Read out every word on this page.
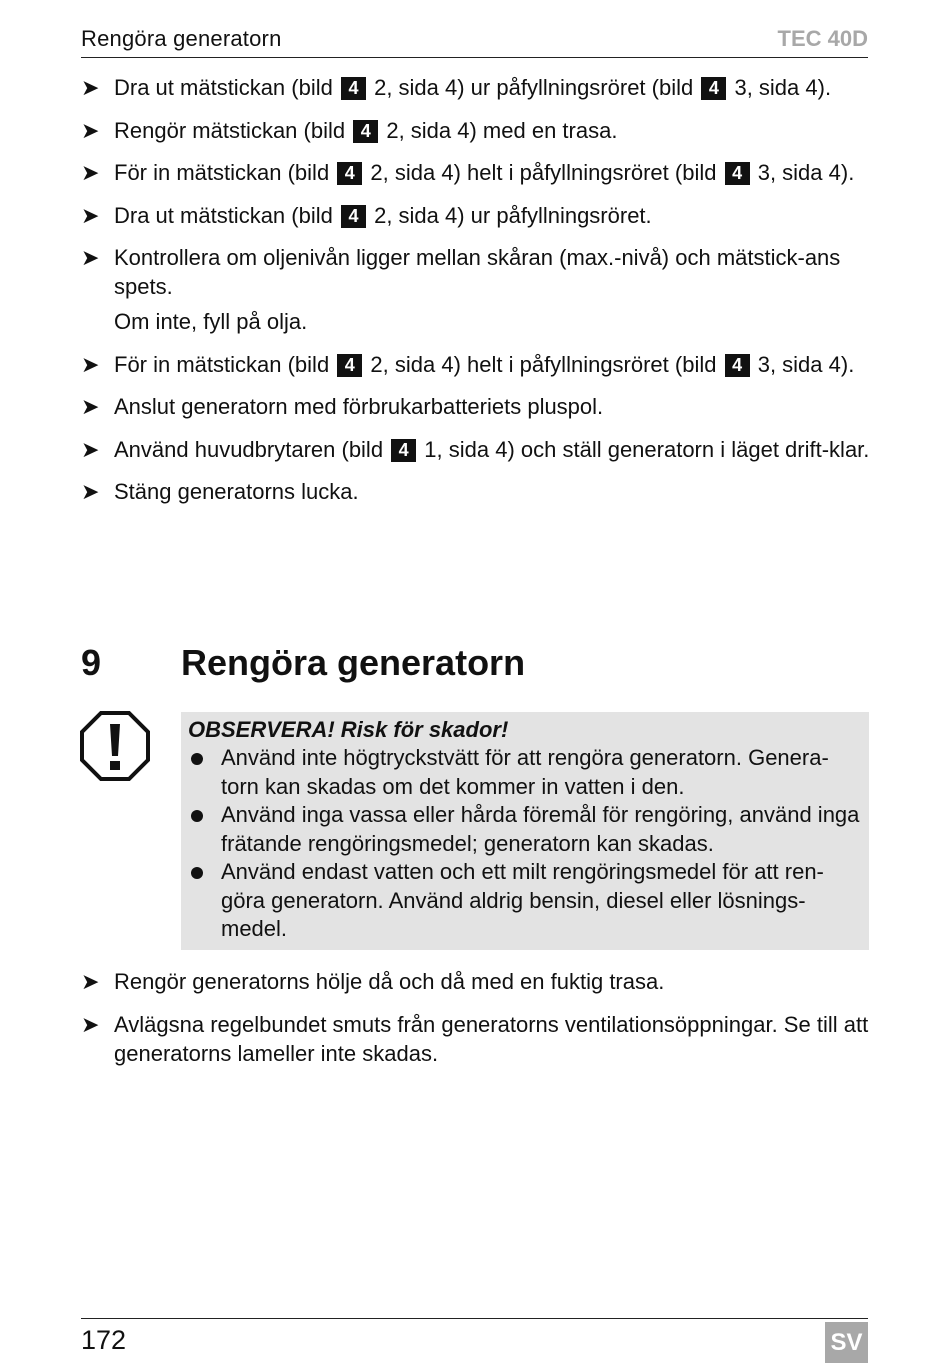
Rengöra generatorn	TEC 40D
➤ Dra ut mätstickan (bild 4 2, sida 4) ur påfyllningsröret (bild 4 3, sida 4).
➤ Rengör mätstickan (bild 4 2, sida 4) med en trasa.
➤ För in mätstickan (bild 4 2, sida 4) helt i påfyllningsröret (bild 4 3, sida 4).
➤ Dra ut mätstickan (bild 4 2, sida 4) ur påfyllningsröret.
➤ Kontrollera om oljenivån ligger mellan skåran (max.-nivå) och mätstick-ans spets.
Om inte, fyll på olja.
➤ För in mätstickan (bild 4 2, sida 4) helt i påfyllningsröret (bild 4 3, sida 4).
➤ Anslut generatorn med förbrukarbatteriets pluspol.
➤ Använd huvudbrytaren (bild 4 1, sida 4) och ställ generatorn i läget drift-klar.
➤ Stäng generatorns lucka.
9 Rengöra generatorn
OBSERVERA! Risk för skador!
Använd inte högtryckstvätt för att rengöra generatorn. Genera-torn kan skadas om det kommer in vatten i den.
Använd inga vassa eller hårda föremål för rengöring, använd inga frätande rengöringsmedel; generatorn kan skadas.
Använd endast vatten och ett milt rengöringsmedel för att ren-göra generatorn. Använd aldrig bensin, diesel eller lösnings-medel.
➤ Rengör generatorns hölje då och då med en fuktig trasa.
➤ Avlägsna regelbundet smuts från generatorns ventilationsöppningar. Se till att generatorns lameller inte skadas.
172	SV
